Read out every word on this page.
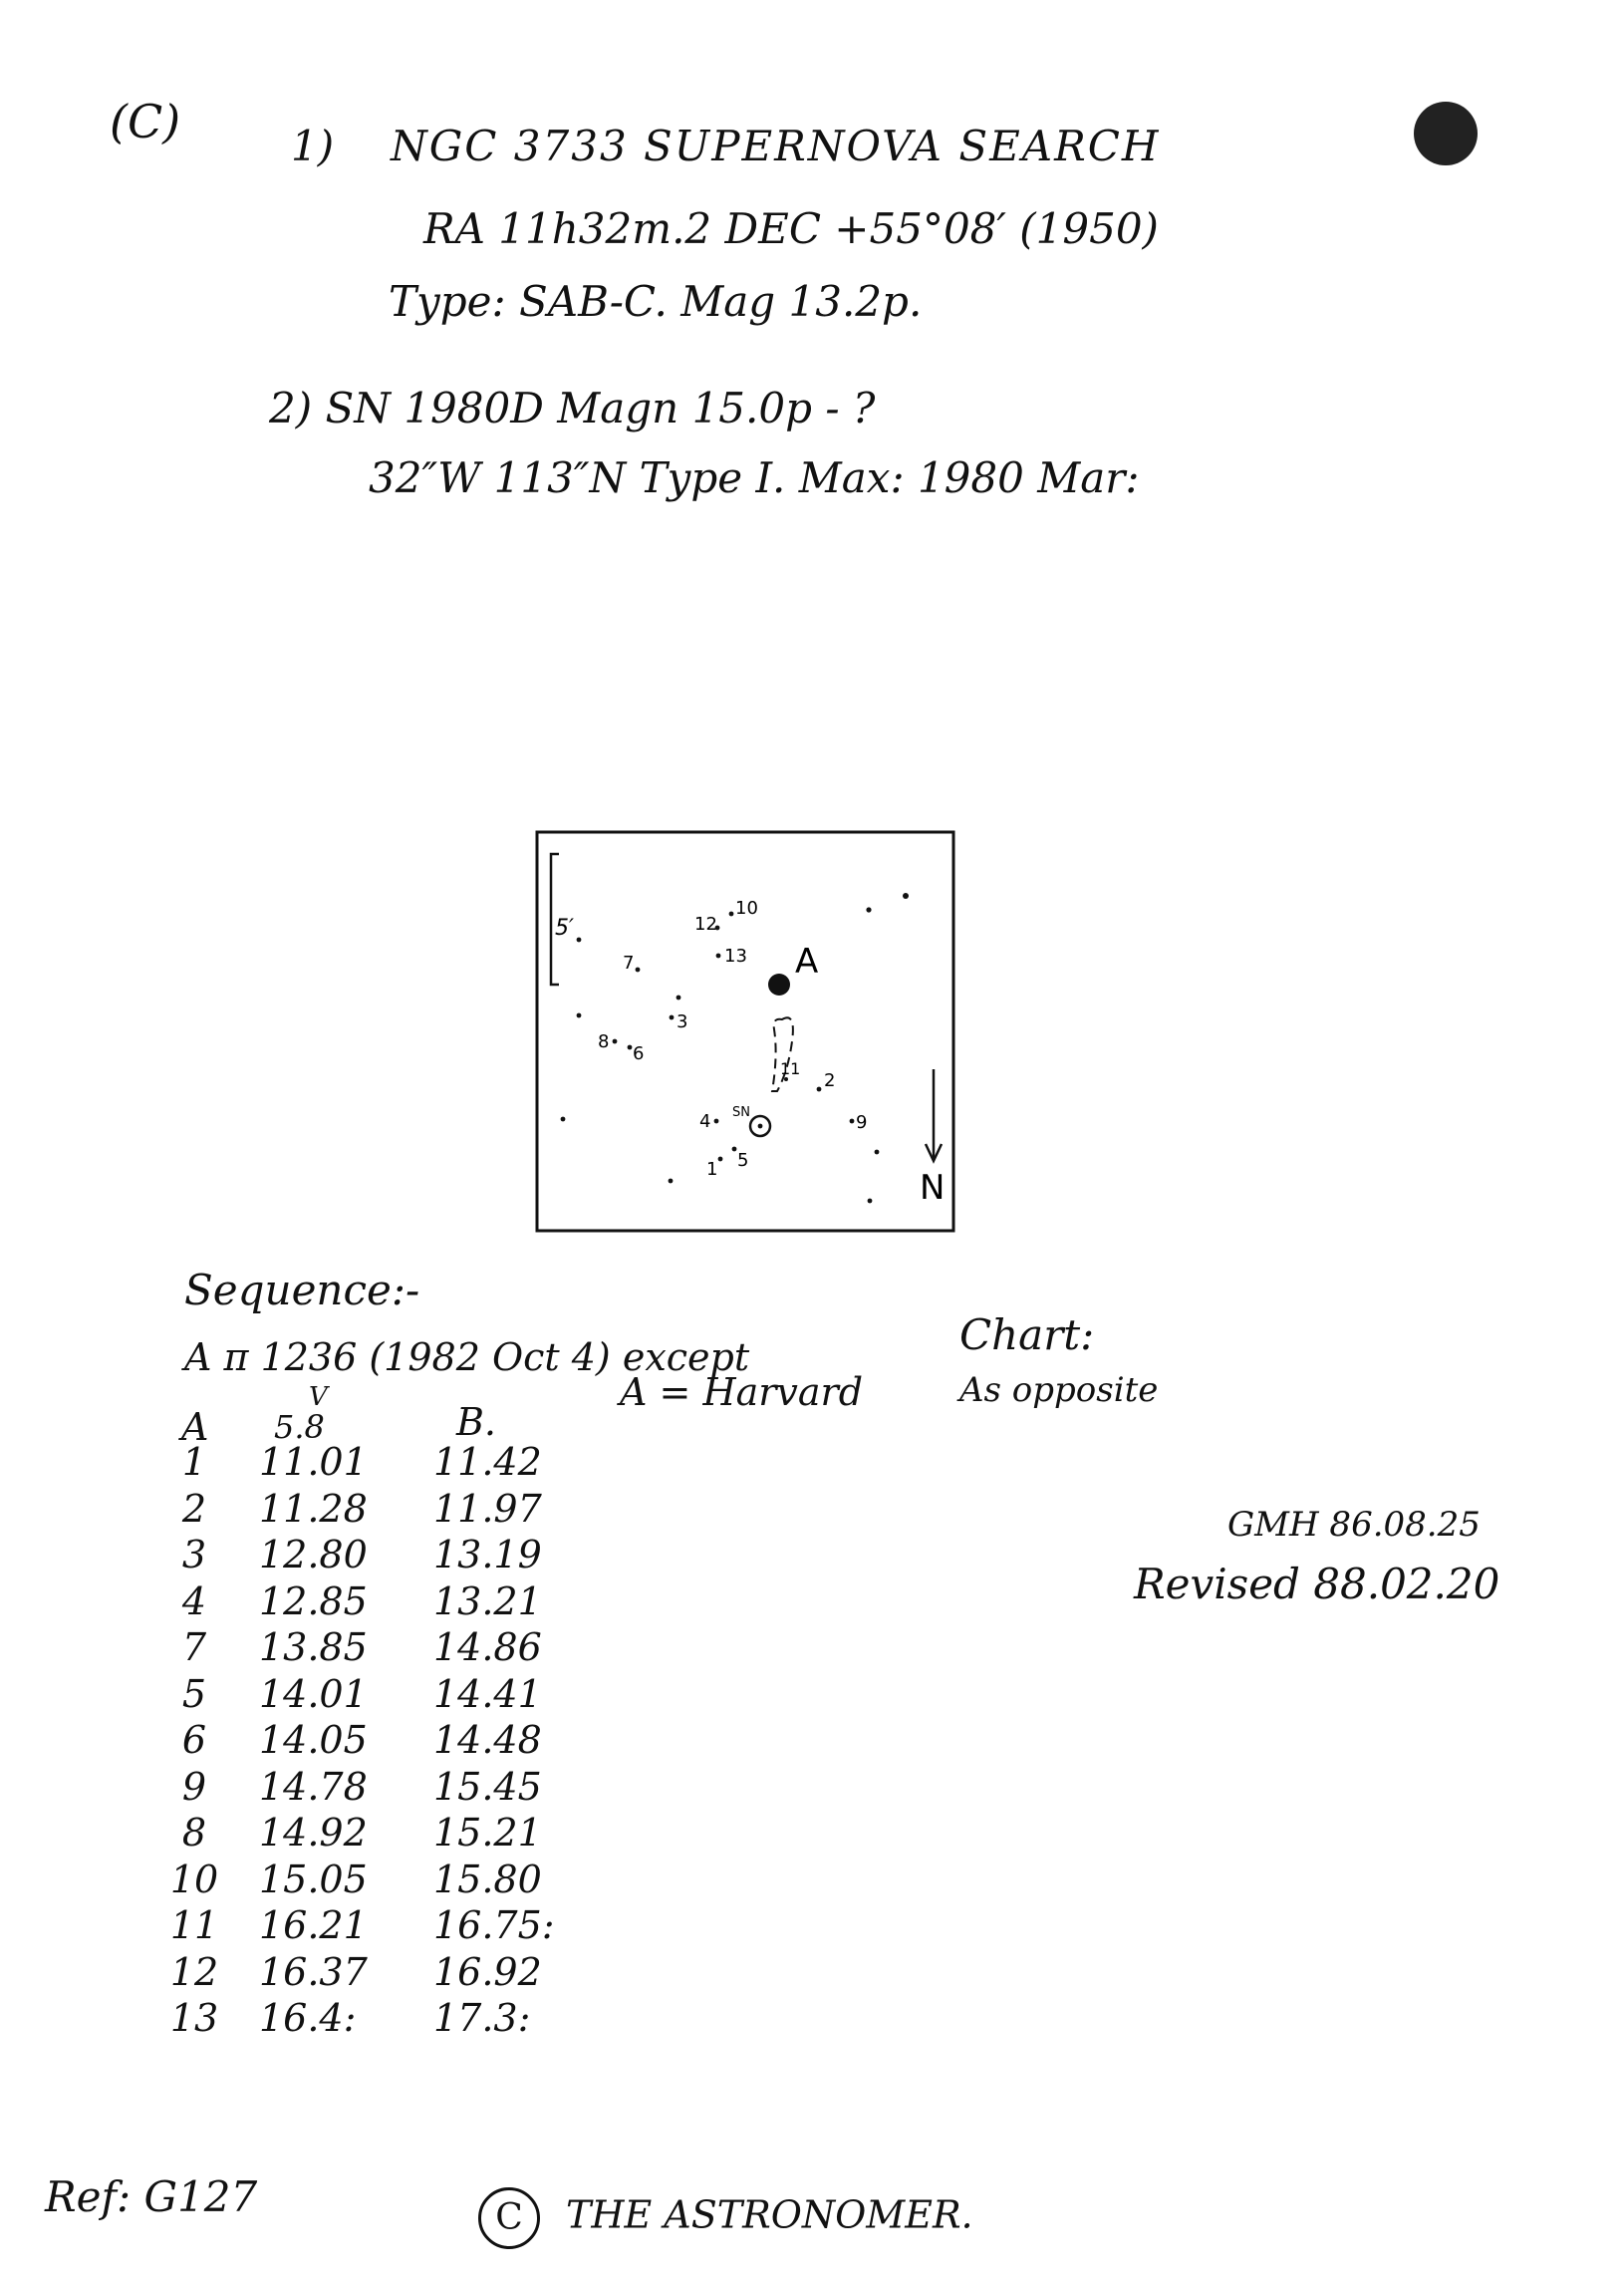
(C)	1) NGC 3733 SUPERNOVA SEARCH
RA 11h32m.2 DEC +55°08′ (1950)
Type: SAB-C. Mag 13.2p.
2) SN 1980D Magn 15.0p - ?
32″W 113″N Type I. Max: 1980 Mar:
5′
A
1
2
3
4
5
6
7
8
9
10
11
12
13
SN
N
Sequence:-
A π 1236 (1982 Oct 4) except
A = Harvard
A
V
5.8	B.
1	11.01 11.42
2	11.28 11.97
3	12.80 13.19
4	12.85 13.21
7	13.85 14.86
5	14.01 14.41
6	14.05 14.48
9	14.78 15.45
8	14.92 15.21
10 15.05 15.80
11 16.21 16.75:
12 16.37 16.92
13 16.4: 17.3:
Chart:
As opposite
GMH 86.08.25
Revised 88.02.20
Ref: G127	C THE ASTRONOMER.
